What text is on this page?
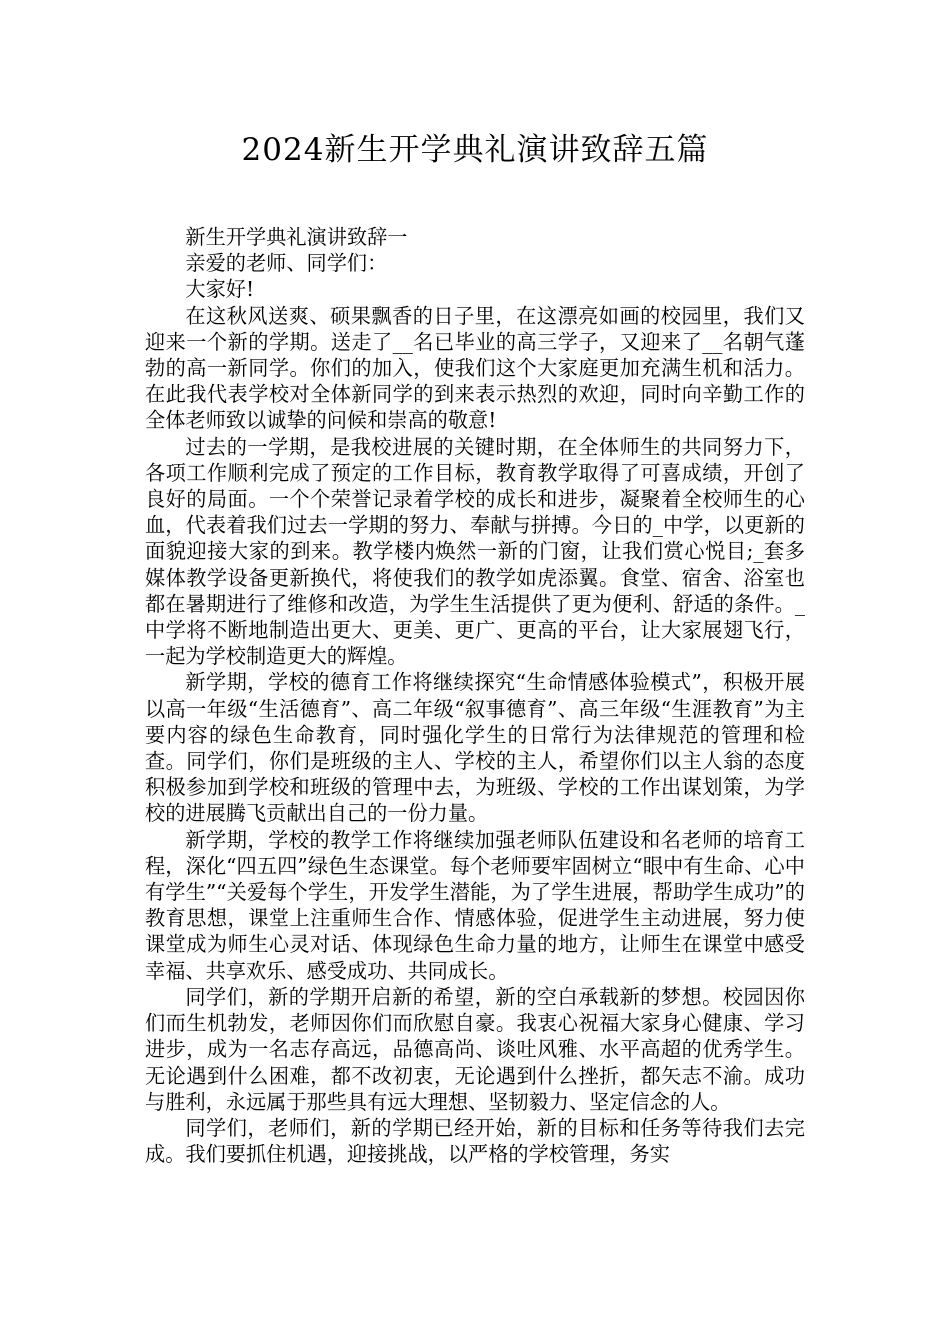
2024新生开学典礼演讲致辞五篇

新生开学典礼演讲致辞一

亲爱的老师、同学们：

大家好!

在这秋风送爽、硕果飘香的日子里，在这漂亮如画的校园里，我们又迎来一个新的学期。送走了__名已毕业的高三学子，又迎来了__名朝气蓬勃的高一新同学。你们的加入，使我们这个大家庭更加充满生机和活力。在此我代表学校对全体新同学的到来表示热烈的欢迎，同时向辛勤工作的全体老师致以诚挚的问候和崇高的敬意!

过去的一学期，是我校进展的关键时期，在全体师生的共同努力下，各项工作顺利完成了预定的工作目标，教育教学取得了可喜成绩，开创了良好的局面。一个个荣誉记录着学校的成长和进步，凝聚着全校师生的心血，代表着我们过去一学期的努力、奉献与拼搏。今日的_中学，以更新的面貌迎接大家的到来。教学楼内焕然一新的门窗，让我们赏心悦目;_套多媒体教学设备更新换代，将使我们的教学如虎添翼。食堂、宿舍、浴室也都在暑期进行了维修和改造，为学生生活提供了更为便利、舒适的条件。_中学将不断地制造出更大、更美、更广、更高的平台，让大家展翅飞行，一起为学校制造更大的辉煌。

新学期，学校的德育工作将继续探究“生命情感体验模式”，积极开展以高一年级“生活德育”、高二年级“叙事德育”、高三年级“生涯教育”为主要内容的绿色生命教育，同时强化学生的日常行为法律规范的管理和检查。同学们，你们是班级的主人、学校的主人，希望你们以主人翁的态度积极参加到学校和班级的管理中去，为班级、学校的工作出谋划策，为学校的进展腾飞贡献出自己的一份力量。

新学期，学校的教学工作将继续加强老师队伍建设和名老师的培育工程，深化“四五四”绿色生态课堂。每个老师要牢固树立“眼中有生命、心中有学生”“关爱每个学生，开发学生潜能，为了学生进展，帮助学生成功”的教育思想，课堂上注重师生合作、情感体验，促进学生主动进展，努力使课堂成为师生心灵对话、体现绿色生命力量的地方，让师生在课堂中感受幸福、共享欢乐、感受成功、共同成长。

同学们，新的学期开启新的希望，新的空白承载新的梦想。校园因你们而生机勃发，老师因你们而欣慰自豪。我衷心祝福大家身心健康、学习进步，成为一名志存高远，品德高尚、谈吐风雅、水平高超的优秀学生。无论遇到什么困难，都不改初衷，无论遇到什么挫折，都矢志不渝。成功与胜利，永远属于那些具有远大理想、坚韧毅力、坚定信念的人。

同学们，老师们，新的学期已经开始，新的目标和任务等待我们去完成。我们要抓住机遇，迎接挑战，以严格的学校管理，务实
